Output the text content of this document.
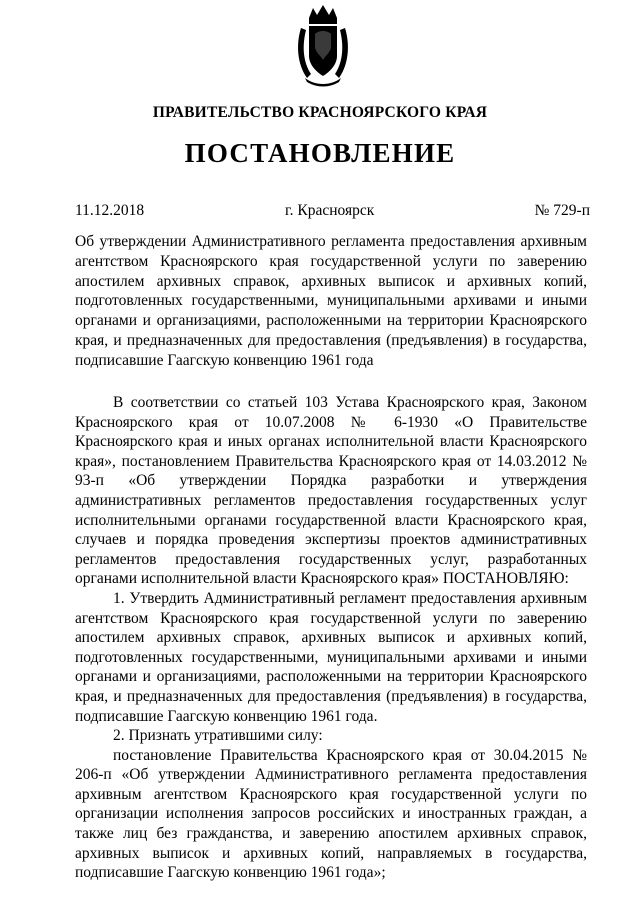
ПРАВИТЕЛЬСТВО КРАСНОЯРСКОГО КРАЯ
ПОСТАНОВЛЕНИЕ
11.12.2018	г. Красноярск	№ 729-п
Об утверждении Административного регламента предоставления архивным агентством Красноярского края государственной услуги по заверению апостилем архивных справок, архивных выписок и архивных копий, подготовленных государственными, муниципальными архивами и иными органами и организациями, расположенными на территории Красноярского края, и предназначенных для предоставления (предъявления) в государства, подписавшие Гаагскую конвенцию 1961 года

В соответствии со статьей 103 Устава Красноярского края, Законом Красноярского края от 10.07.2008 № 6-1930 «О Правительстве Красноярского края и иных органах исполнительной власти Красноярского края», постановлением Правительства Красноярского края от 14.03.2012 № 93-п «Об утверждении Порядка разработки и утверждения административных регламентов предоставления государственных услуг исполнительными органами государственной власти Красноярского края, случаев и порядка проведения экспертизы проектов административных регламентов предоставления государственных услуг, разработанных органами исполнительной власти Красноярского края» ПОСТАНОВЛЯЮ:

1. Утвердить Административный регламент предоставления архивным агентством Красноярского края государственной услуги по заверению апостилем архивных справок, архивных выписок и архивных копий, подготовленных государственными, муниципальными архивами и иными органами и организациями, расположенными на территории Красноярского края, и предназначенных для предоставления (предъявления) в государства, подписавшие Гаагскую конвенцию 1961 года.

2. Признать утратившими силу:

постановление Правительства Красноярского края от 30.04.2015 № 206-п «Об утверждении Административного регламента предоставления архивным агентством Красноярского края государственной услуги по организации исполнения запросов российских и иностранных граждан, а также лиц без гражданства, и заверению апостилем архивных справок, архивных выписок и архивных копий, направляемых в государства, подписавшие Гаагскую конвенцию 1961 года»;
